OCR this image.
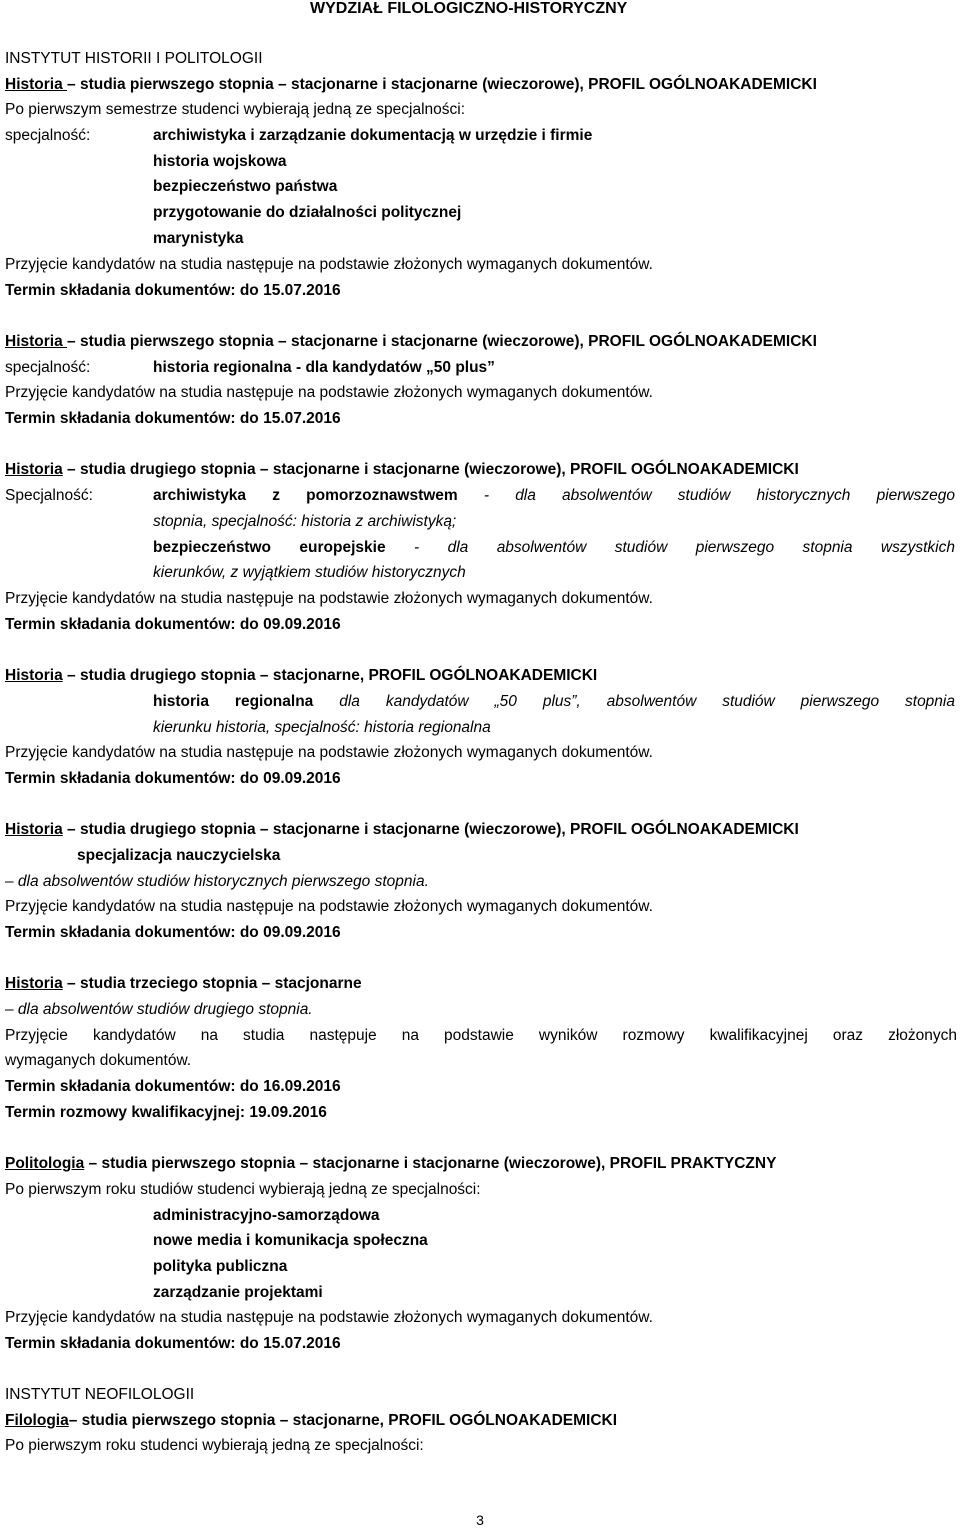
WYDZIAŁ FILOLOGICZNO-HISTORYCZNY
INSTYTUT HISTORII I POLITOLOGII
Historia – studia pierwszego stopnia – stacjonarne i stacjonarne (wieczorowe), PROFIL OGÓLNOAKADEMICKI
Po pierwszym semestrze studenci wybierają jedną ze specjalności:
specjalność:	archiwistyka i zarządzanie dokumentacją w urzędzie i firmie
historia wojskowa
bezpieczeństwo państwa
przygotowanie do działalności politycznej
marynistyka
Przyjęcie kandydatów na studia następuje na podstawie złożonych wymaganych dokumentów.
Termin składania dokumentów: do 15.07.2016
Historia – studia pierwszego stopnia – stacjonarne i stacjonarne (wieczorowe), PROFIL OGÓLNOAKADEMICKI
specjalność:	historia regionalna - dla kandydatów „50 plus”
Przyjęcie kandydatów na studia następuje na podstawie złożonych wymaganych dokumentów.
Termin składania dokumentów: do 15.07.2016
Historia – studia drugiego stopnia – stacjonarne i stacjonarne (wieczorowe), PROFIL OGÓLNOAKADEMICKI
Specjalność:	archiwistyka z pomorzoznawstwem - dla absolwentów studiów historycznych pierwszego
stopnia, specjalność: historia z archiwistyką;
bezpieczeństwo europejskie - dla absolwentów studiów pierwszego stopnia wszystkich
kierunków, z wyjątkiem studiów historycznych
Przyjęcie kandydatów na studia następuje na podstawie złożonych wymaganych dokumentów.
Termin składania dokumentów: do 09.09.2016
Historia – studia drugiego stopnia – stacjonarne, PROFIL OGÓLNOAKADEMICKI
historia regionalna dla kandydatów „50 plus”, absolwentów studiów pierwszego stopnia
kierunku historia, specjalność: historia regionalna
Przyjęcie kandydatów na studia następuje na podstawie złożonych wymaganych dokumentów.
Termin składania dokumentów: do 09.09.2016
Historia – studia drugiego stopnia – stacjonarne i stacjonarne (wieczorowe), PROFIL OGÓLNOAKADEMICKI
specjalizacja nauczycielska
– dla absolwentów studiów historycznych pierwszego stopnia.
Przyjęcie kandydatów na studia następuje na podstawie złożonych wymaganych dokumentów.
Termin składania dokumentów: do 09.09.2016
Historia – studia trzeciego stopnia – stacjonarne
– dla absolwentów studiów drugiego stopnia.
Przyjęcie kandydatów na studia następuje na podstawie wyników rozmowy kwalifikacyjnej oraz złożonych
wymaganych dokumentów.
Termin składania dokumentów: do 16.09.2016
Termin rozmowy kwalifikacyjnej: 19.09.2016
Politologia – studia pierwszego stopnia – stacjonarne i stacjonarne (wieczorowe), PROFIL PRAKTYCZNY
Po pierwszym roku studiów studenci wybierają jedną ze specjalności:
administracyjno-samorządowa
nowe media i komunikacja społeczna
polityka publiczna
zarządzanie projektami
Przyjęcie kandydatów na studia następuje na podstawie złożonych wymaganych dokumentów.
Termin składania dokumentów: do 15.07.2016
INSTYTUT NEOFILOLOGII
Filologia– studia pierwszego stopnia – stacjonarne, PROFIL OGÓLNOAKADEMICKI
Po pierwszym roku studenci wybierają jedną ze specjalności:
3
